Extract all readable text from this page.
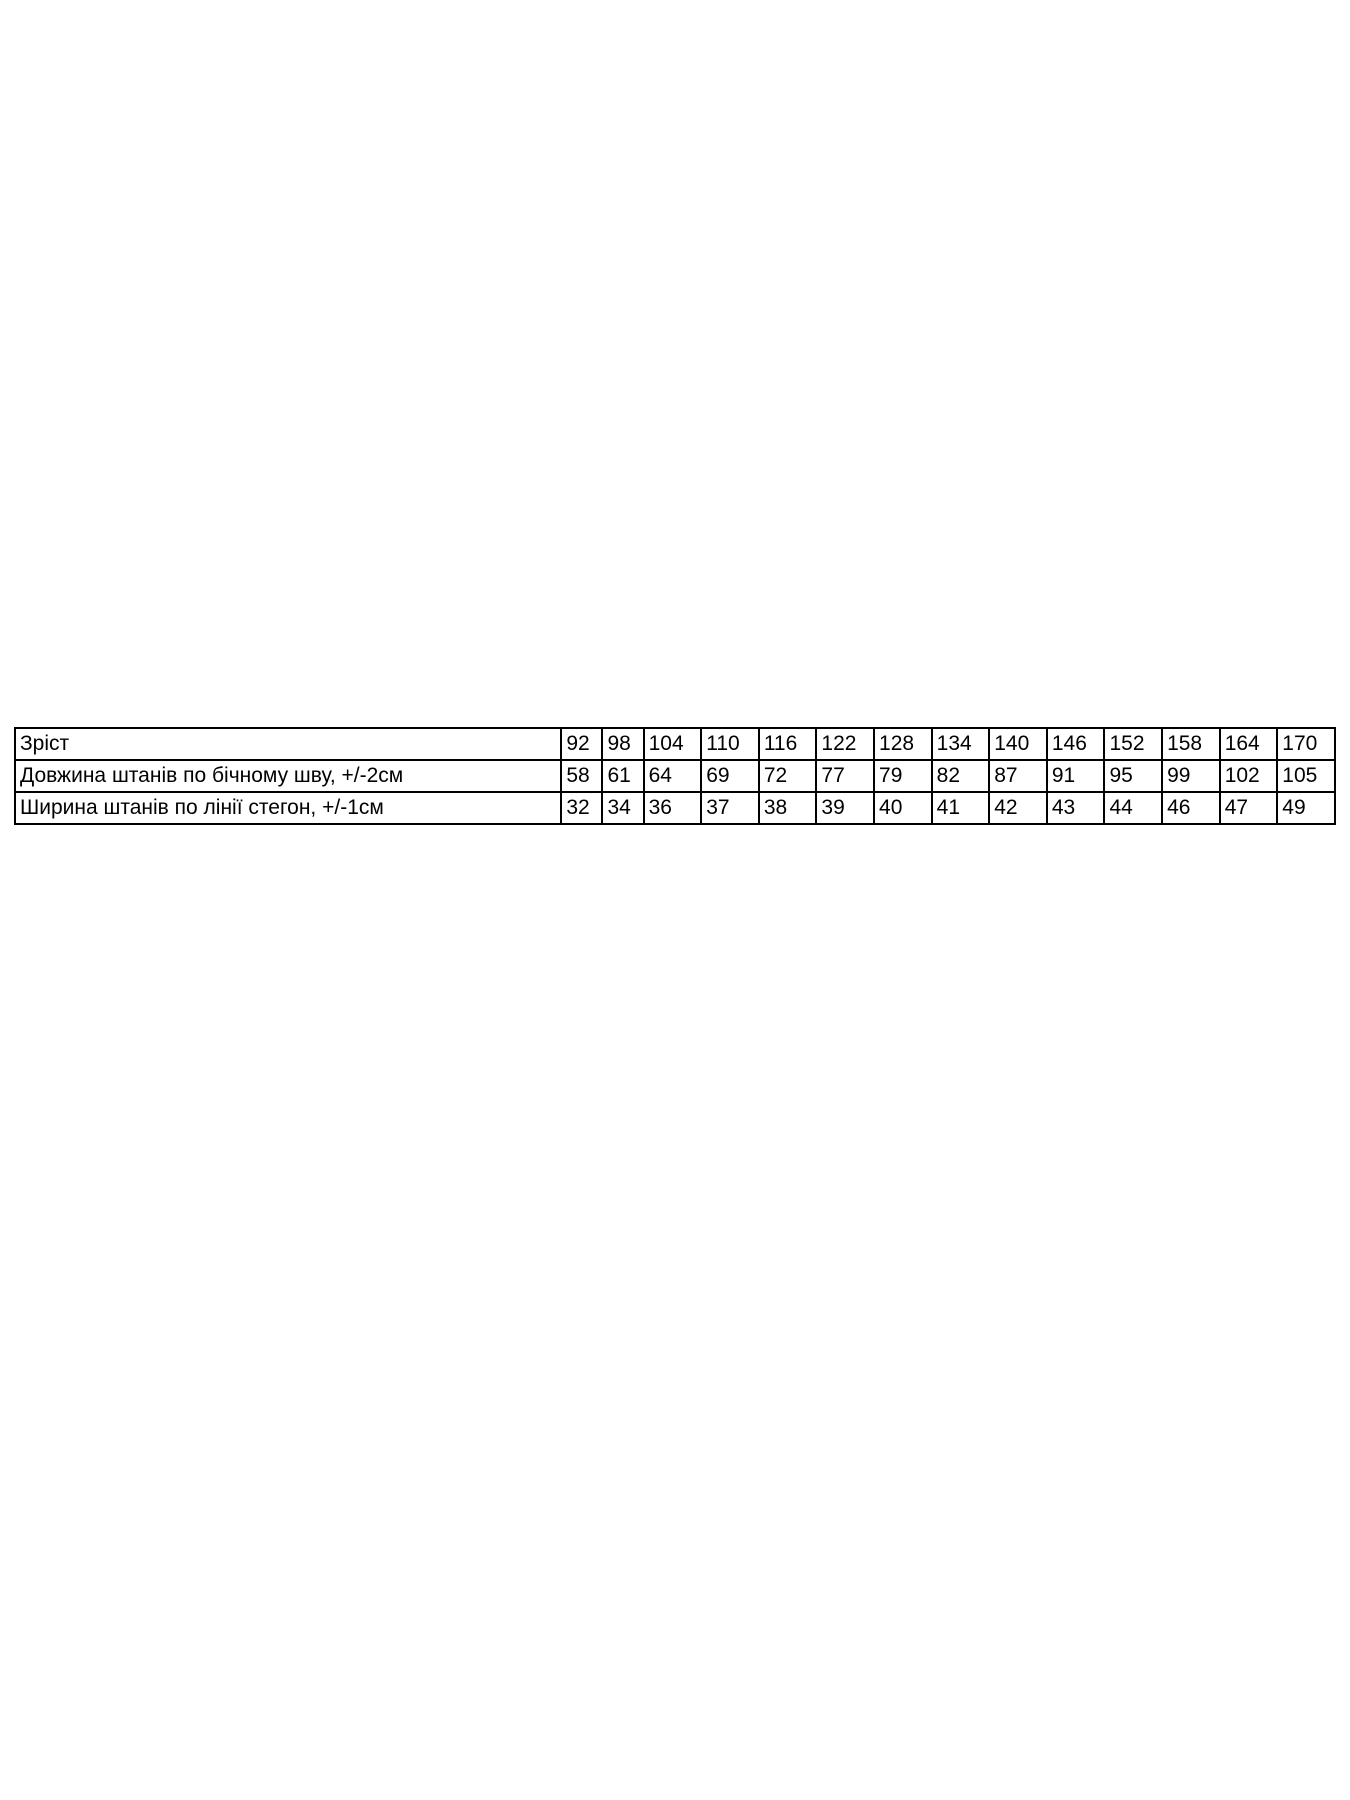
Зріст	92	98	104	110	116	122	128	134	140	146	152	158	164	170
Довжина штанів по бічному шву, +/-2см	58	61	64	69	72	77	79	82	87	91	95	99	102	105
Ширина штанів по лінії стегон, +/-1см	32	34	36	37	38	39	40	41	42	43	44	46	47	49
